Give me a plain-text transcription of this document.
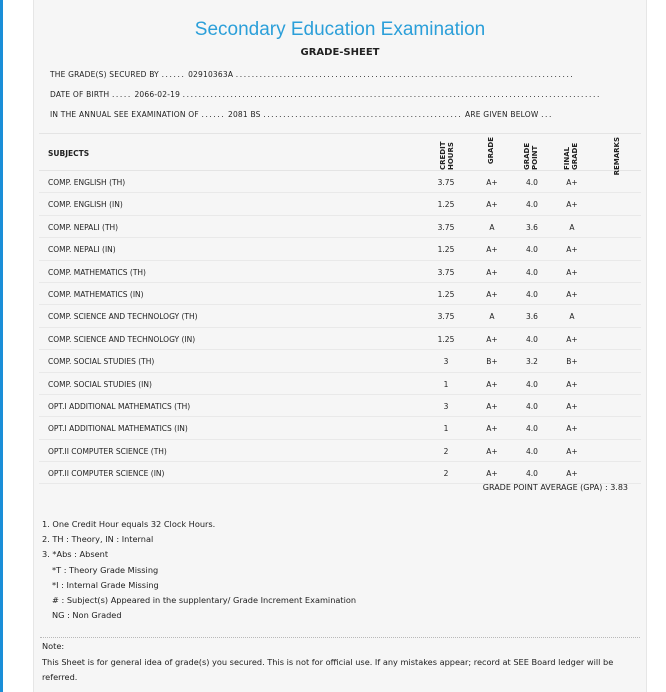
Secondary Education Examination
GRADE-SHEET
THE GRADE(S) SECURED BY ...... 02910363A .....................................................................................
DATE OF BIRTH ..... 2066-02-19 .........................................................................................................
IN THE ANNUAL SEE EXAMINATION OF ...... 2081 BS .................................................. ARE GIVEN BELOW ...
SUBJECTS	CREDIT HOURS	GRADE	GRADE POINT	FINAL GRADE	REMARKS
COMP. ENGLISH (TH)	3.75	A+	4.0	A+
COMP. ENGLISH (IN)	1.25	A+	4.0	A+
COMP. NEPALI (TH)	3.75	A	3.6	A
COMP. NEPALI (IN)	1.25	A+	4.0	A+
COMP. MATHEMATICS (TH)	3.75	A+	4.0	A+
COMP. MATHEMATICS (IN)	1.25	A+	4.0	A+
COMP. SCIENCE AND TECHNOLOGY (TH)	3.75	A	3.6	A
COMP. SCIENCE AND TECHNOLOGY (IN)	1.25	A+	4.0	A+
COMP. SOCIAL STUDIES (TH)	3	B+	3.2	B+
COMP. SOCIAL STUDIES (IN)	1	A+	4.0	A+
OPT.I ADDITIONAL MATHEMATICS (TH)	3	A+	4.0	A+
OPT.I ADDITIONAL MATHEMATICS (IN)	1	A+	4.0	A+
OPT.II COMPUTER SCIENCE (TH)	2	A+	4.0	A+
OPT.II COMPUTER SCIENCE (IN)	2	A+	4.0	A+
GRADE POINT AVERAGE (GPA) : 3.83
1. One Credit Hour equals 32 Clock Hours.
2. TH : Theory, IN : Internal
3. *Abs : Absent
*T : Theory Grade Missing
*I : Internal Grade Missing
# : Subject(s) Appeared in the supplentary/ Grade Increment Examination
NG : Non Graded
Note:
This Sheet is for general idea of grade(s) you secured. This is not for official use. If any mistakes appear; record at SEE Board ledger will be referred.
